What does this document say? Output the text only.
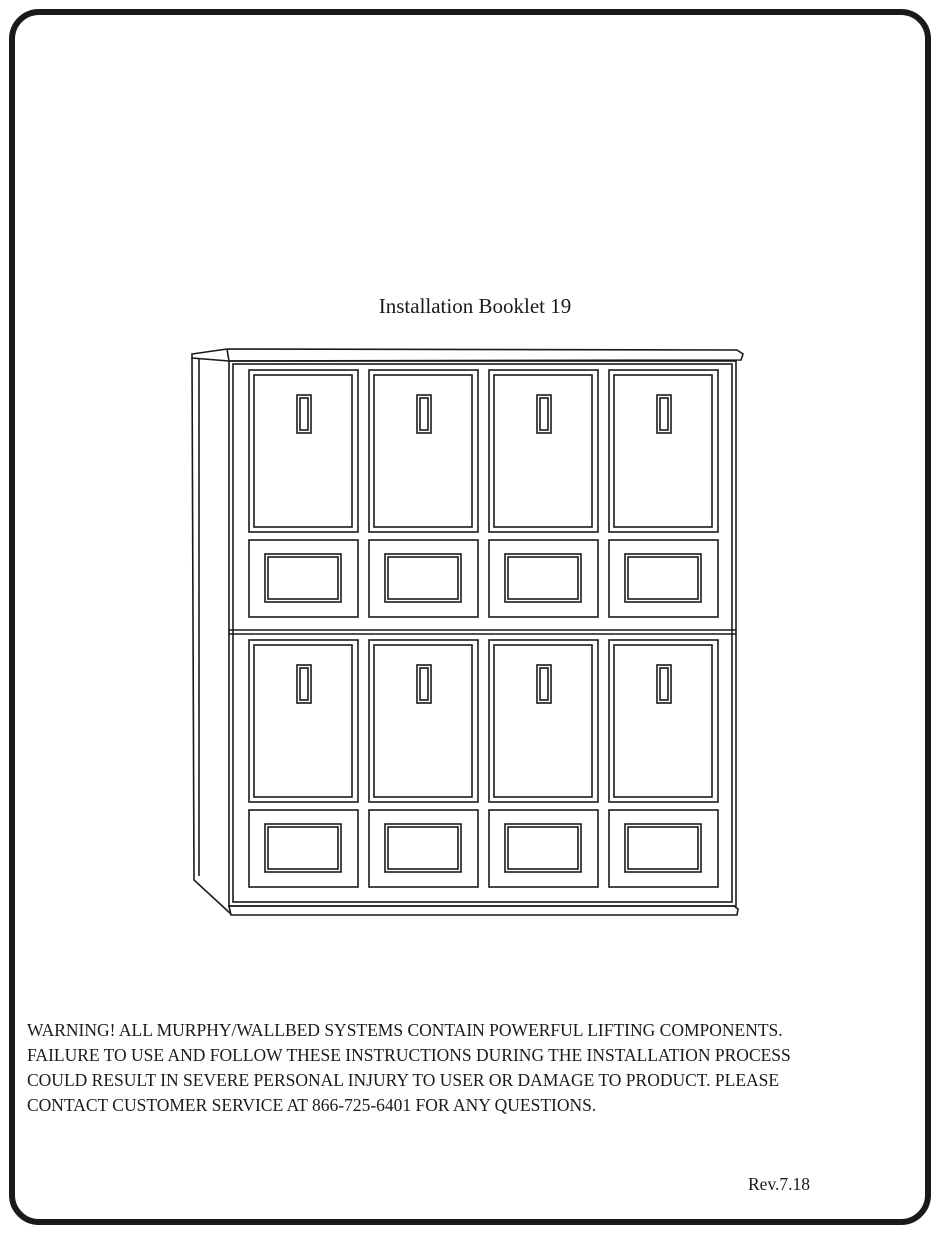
Installation Booklet 19
WARNING! ALL MURPHY/WALLBED SYSTEMS CONTAIN POWERFUL LIFTING COMPONENTS.
FAILURE TO USE AND FOLLOW THESE INSTRUCTIONS DURING THE INSTALLATION PROCESS
COULD RESULT IN SEVERE PERSONAL INJURY TO USER OR DAMAGE TO PRODUCT. PLEASE
CONTACT CUSTOMER SERVICE AT 866-725-6401 FOR ANY QUESTIONS.
Rev.7.18
